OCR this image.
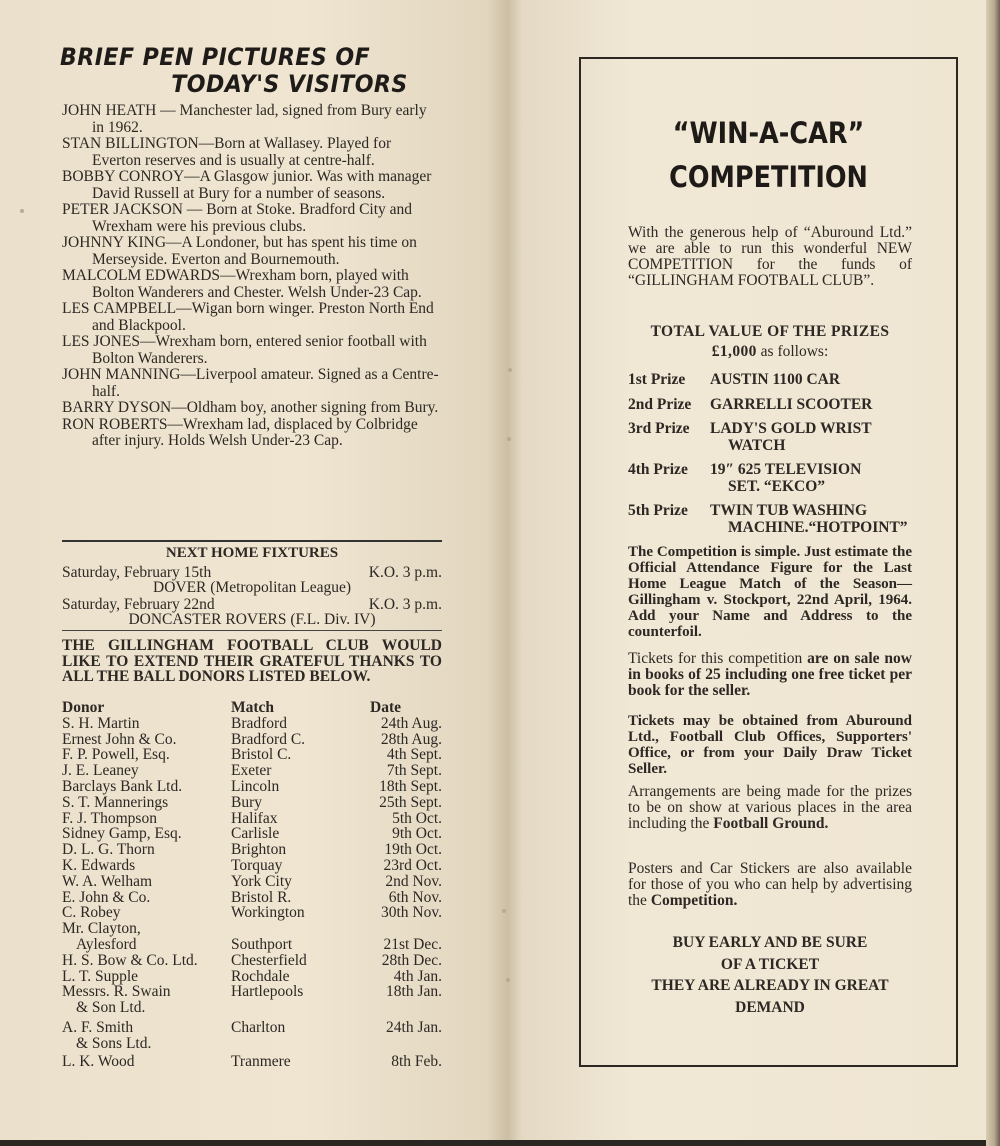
BRIEF PEN PICTURES OF
TODAY'S VISITORS
JOHN HEATH — Manchester lad, signed from Bury early in 1962.
STAN BILLINGTON—Born at Wallasey. Played for Everton reserves and is usually at centre-half.
BOBBY CONROY—A Glasgow junior. Was with manager David Russell at Bury for a number of seasons.
PETER JACKSON — Born at Stoke. Bradford City and Wrexham were his previous clubs.
JOHNNY KING—A Londoner, but has spent his time on Merseyside. Everton and Bournemouth.
MALCOLM EDWARDS—Wrexham born, played with Bolton Wanderers and Chester. Welsh Under-23 Cap.
LES CAMPBELL—Wigan born winger. Preston North End and Blackpool.
LES JONES—Wrexham born, entered senior football with Bolton Wanderers.
JOHN MANNING—Liverpool amateur. Signed as a Centre-half.
BARRY DYSON—Oldham boy, another signing from Bury.
RON ROBERTS—Wrexham lad, displaced by Colbridge after injury. Holds Welsh Under-23 Cap.
NEXT HOME FIXTURES
Saturday, February 15th	K.O. 3 p.m.
DOVER (Metropolitan League)
Saturday, February 22nd	K.O. 3 p.m.
DONCASTER ROVERS (F.L. Div. IV)
THE GILLINGHAM FOOTBALL CLUB WOULD LIKE TO EXTEND THEIR GRATEFUL THANKS TO ALL THE BALL DONORS LISTED BELOW.
Donor	Match	Date
S. H. Martin	Bradford	24th Aug.
Ernest John & Co.	Bradford C.	28th Aug.
F. P. Powell, Esq.	Bristol C.	4th Sept.
J. E. Leaney	Exeter	7th Sept.
Barclays Bank Ltd.	Lincoln	18th Sept.
S. T. Mannerings	Bury	25th Sept.
F. J. Thompson	Halifax	5th Oct.
Sidney Gamp, Esq.	Carlisle	9th Oct.
D. L. G. Thorn	Brighton	19th Oct.
K. Edwards	Torquay	23rd Oct.
W. A. Welham	York City	2nd Nov.
E. John & Co.	Bristol R.	6th Nov.
C. Robey	Workington	30th Nov.
Mr. Clayton,
Aylesford	Southport	21st Dec.
H. S. Bow & Co. Ltd.	Chesterfield	28th Dec.
L. T. Supple	Rochdale	4th Jan.
Messrs. R. Swain
& Son Ltd.
Hartlepools	18th Jan.
A. F. Smith
& Sons Ltd.
Charlton	24th Jan.
L. K. Wood	Tranmere	8th Feb.
“WIN-A-CAR”
COMPETITION
With the generous help of “Aburound Ltd.” we are able to run this wonderful NEW COMPETITION for the funds of “GILLINGHAM FOOTBALL CLUB”.
TOTAL VALUE OF THE PRIZES
£1,000 as follows:
1st Prize	AUSTIN 1100 CAR
2nd Prize	GARRELLI SCOOTER
3rd Prize	LADY'S GOLD WRIST
WATCH
4th Prize	19″ 625 TELEVISION
SET. “EKCO”
5th Prize	TWIN TUB WASHING
MACHINE.“HOTPOINT”
The Competition is simple. Just estimate the Official Attendance Figure for the Last Home League Match of the Season—Gillingham v. Stockport, 22nd April, 1964. Add your Name and Address to the counterfoil.
Tickets for this competition are on sale now in books of 25 including one free ticket per book for the seller.
Tickets may be obtained from Aburound Ltd., Football Club Offices, Supporters' Office, or from your Daily Draw Ticket Seller.
Arrangements are being made for the prizes to be on show at various places in the area including the Football Ground.
Posters and Car Stickers are also available for those of you who can help by advertising the Competition.
BUY EARLY AND BE SURE
OF A TICKET
THEY ARE ALREADY IN GREAT
DEMAND
